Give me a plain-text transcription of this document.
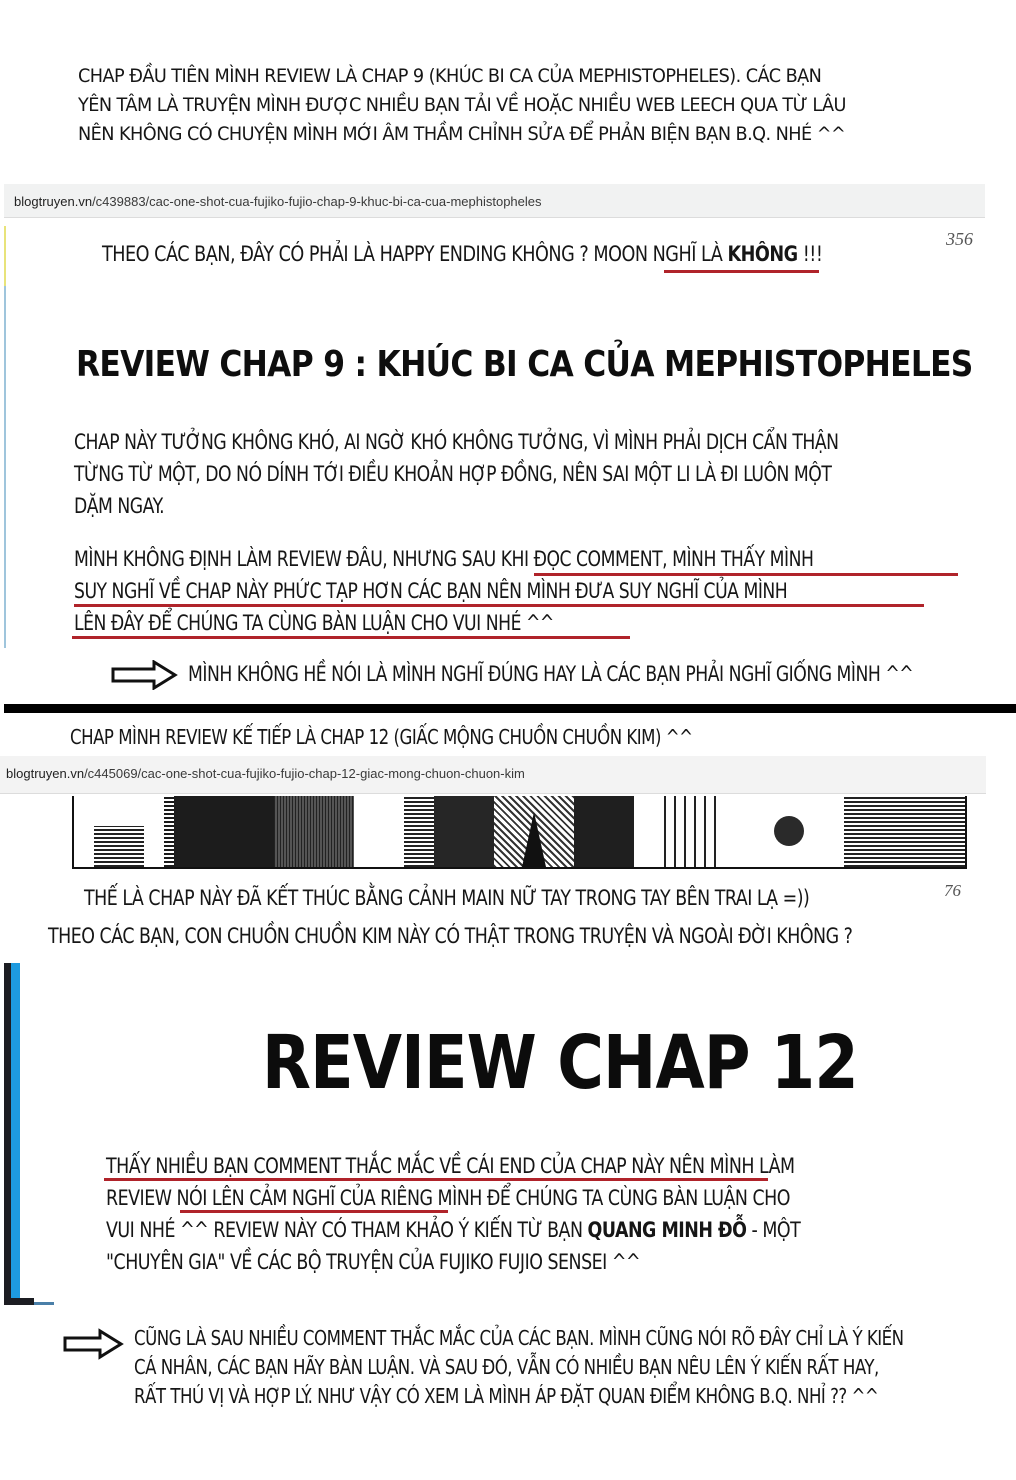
CHAP ĐẦU TIÊN MÌNH REVIEW LÀ CHAP 9 (KHÚC BI CA CỦA MEPHISTOPHELES). CÁC BẠN
YÊN TÂM LÀ TRUYỆN MÌNH ĐƯỢC NHIỀU BẠN TẢI VỀ HOẶC NHIỀU WEB LEECH QUA TỪ LÂU
NÊN KHÔNG CÓ CHUYỆN MÌNH MỚI ÂM THẦM CHỈNH SỬA ĐỂ PHẢN BIỆN BẠN B.Q. NHÉ ^^
blogtruyen.vn/c439883/cac-one-shot-cua-fujiko-fujio-chap-9-khuc-bi-ca-cua-mephistopheles
THEO CÁC BẠN, ĐÂY CÓ PHẢI LÀ HAPPY ENDING KHÔNG ? MOON NGHĨ LÀ KHÔNG !!!
356
REVIEW CHAP 9 : KHÚC BI CA CỦA MEPHISTOPHELES
CHAP NÀY TƯỞNG KHÔNG KHÓ, AI NGỜ KHÓ KHÔNG TƯỞNG, VÌ MÌNH PHẢI DỊCH CẨN THẬN
TỪNG TỪ MỘT, DO NÓ DÍNH TỚI ĐIỀU KHOẢN HỢP ĐỒNG, NÊN SAI MỘT LI LÀ ĐI LUÔN MỘT
DẶM NGAY.
MÌNH KHÔNG ĐỊNH LÀM REVIEW ĐÂU, NHƯNG SAU KHI ĐỌC COMMENT, MÌNH THẤY MÌNH
SUY NGHĨ VỀ CHAP NÀY PHỨC TẠP HƠN CÁC BẠN NÊN MÌNH ĐƯA SUY NGHĨ CỦA MÌNH
LÊN ĐÂY ĐỂ CHÚNG TA CÙNG BÀN LUẬN CHO VUI NHÉ ^^
MÌNH KHÔNG HỀ NÓI LÀ MÌNH NGHĨ ĐÚNG HAY LÀ CÁC BẠN PHẢI NGHĨ GIỐNG MÌNH ^^
CHAP MÌNH REVIEW KẾ TIẾP LÀ CHAP 12 (GIẤC MỘNG CHUỒN CHUỒN KIM) ^^
blogtruyen.vn/c445069/cac-one-shot-cua-fujiko-fujio-chap-12-giac-mong-chuon-chuon-kim
THẾ LÀ CHAP NÀY ĐÃ KẾT THÚC BẰNG CẢNH MAIN NỮ TAY TRONG TAY BÊN TRAI LẠ =))	76
THEO CÁC BẠN, CON CHUỒN CHUỒN KIM NÀY CÓ THẬT TRONG TRUYỆN VÀ NGOÀI ĐỜI KHÔNG ?
REVIEW CHAP 12
THẤY NHIỀU BẠN COMMENT THẮC MẮC VỀ CÁI END CỦA CHAP NÀY NÊN MÌNH LÀM
REVIEW NÓI LÊN CẢM NGHĨ CỦA RIÊNG MÌNH ĐỂ CHÚNG TA CÙNG BÀN LUẬN CHO
VUI NHÉ ^^ REVIEW NÀY CÓ THAM KHẢO Ý KIẾN TỪ BẠN QUANG MINH ĐỖ - MỘT
"CHUYÊN GIA" VỀ CÁC BỘ TRUYỆN CỦA FUJIKO FUJIO SENSEI ^^
CŨNG LÀ SAU NHIỀU COMMENT THẮC MẮC CỦA CÁC BẠN. MÌNH CŨNG NÓI RÕ ĐÂY CHỈ LÀ Ý KIẾN
CÁ NHÂN, CÁC BẠN HÃY BÀN LUẬN. VÀ SAU ĐÓ, VẪN CÓ NHIỀU BẠN NÊU LÊN Ý KIẾN RẤT HAY,
RẤT THÚ VỊ VÀ HỢP LÝ. NHƯ VẬY CÓ XEM LÀ MÌNH ÁP ĐẶT QUAN ĐIỂM KHÔNG B.Q. NHỈ ?? ^^
